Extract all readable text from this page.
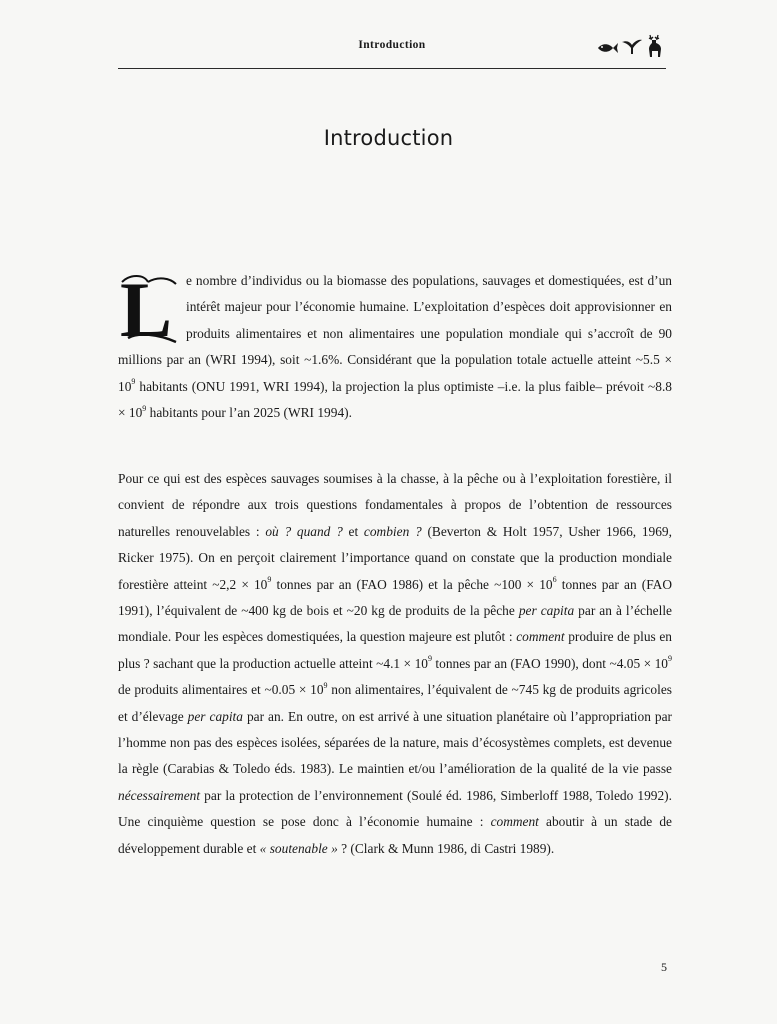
Introduction
Introduction

L e nombre d’individus ou la biomasse des populations, sauvages et domestiquées, est d’un intérêt majeur pour l’économie humaine. L’exploitation d’espèces doit approvisionner en produits alimentaires et non alimentaires une population mondiale qui s’accroît de 90 millions par an (WRI 1994), soit ~1.6%. Considérant que la population totale actuelle atteint ~5.5 × $10^9$ habitants (ONU 1991, WRI 1994), la projection la plus optimiste –i.e. la plus faible– prévoit ~8.8 × $10^9$ habitants pour l’an 2025 (WRI 1994).

Pour ce qui est des espèces sauvages soumises à la chasse, à la pêche ou à l’exploitation forestière, il convient de répondre aux trois questions fondamentales à propos de l’obtention de ressources naturelles renouvelables : où ? quand ? et combien ? (Beverton & Holt 1957, Usher 1966, 1969, Ricker 1975). On en perçoit clairement l’importance quand on constate que la production mondiale forestière atteint ~2,2 × $10^9$ tonnes par an (FAO 1986) et la pêche ~100 × $10^6$ tonnes par an (FAO 1991), l’équivalent de ~400 kg de bois et ~20 kg de produits de la pêche per capita par an à l’échelle mondiale. Pour les espèces domestiquées, la question majeure est plutôt : comment produire de plus en plus ? sachant que la production actuelle atteint ~4.1 × $10^9$ tonnes par an (FAO 1990), dont ~4.05 × $10^9$ de produits alimentaires et ~0.05 × $10^9$ non alimentaires, l’équivalent de ~745 kg de produits agricoles et d’élevage per capita par an. En outre, on est arrivé à une situation planétaire où l’appropriation par l’homme non pas des espèces isolées, séparées de la nature, mais d’écosystèmes complets, est devenue la règle (Carabias & Toledo éds. 1983). Le maintien et/ou l’amélioration de la qualité de la vie passe nécessairement par la protection de l’environnement (Soulé éd. 1986, Simberloff 1988, Toledo 1992). Une cinquième question se pose donc à l’économie humaine : comment aboutir à un stade de développement durable et « soutenable » ? (Clark & Munn 1986, di Castri 1989).

5
